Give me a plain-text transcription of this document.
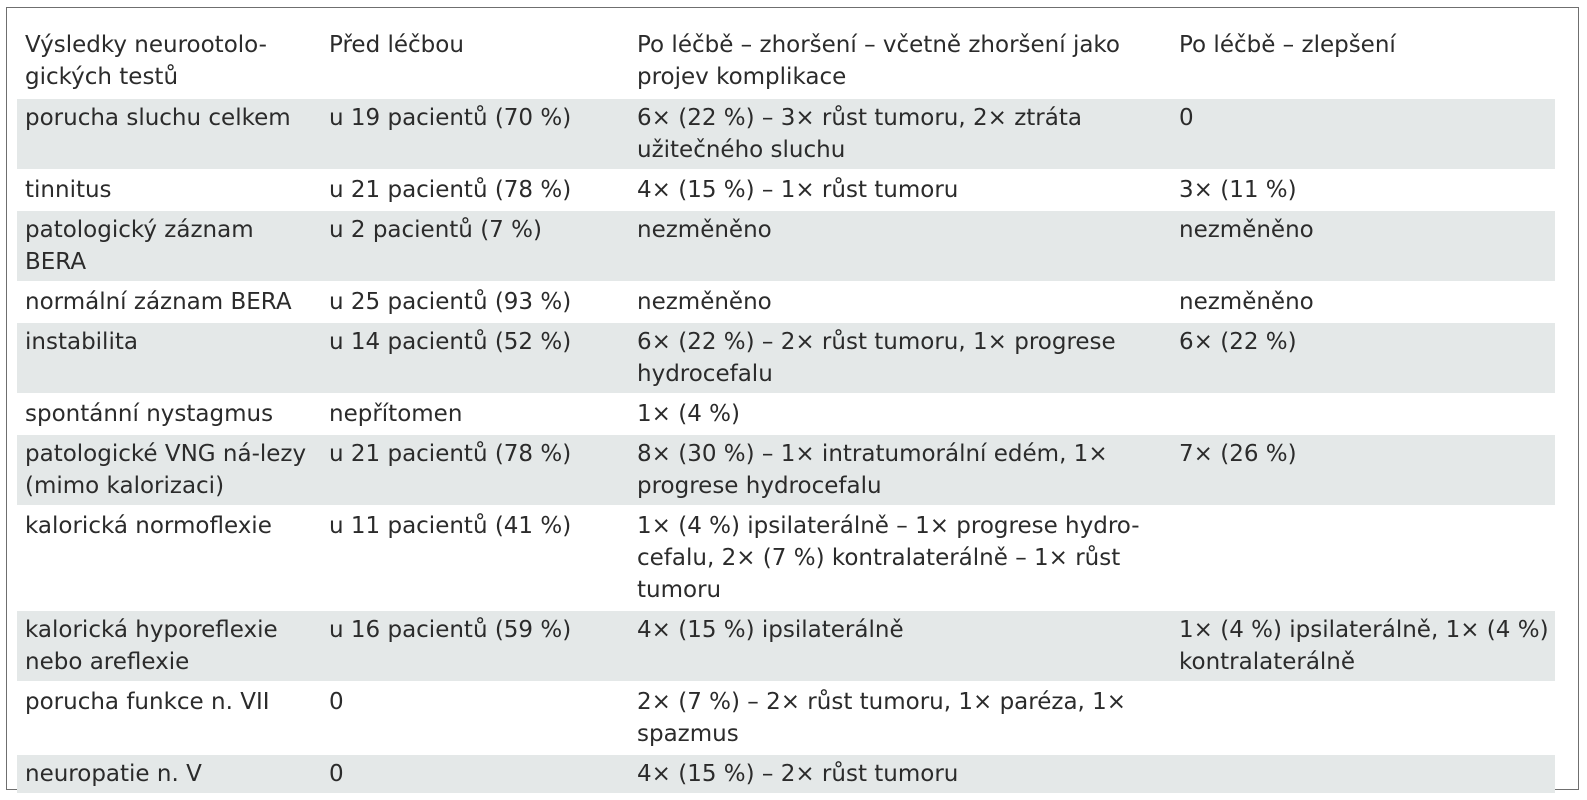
Výsledky neurootolo-gických testů	Před léčbou	Po léčbě – zhoršení – včetně zhoršení jako projev komplikace	Po léčbě – zlepšení
porucha sluchu celkem	u 19 pacientů (70 %)	6× (22 %) – 3× růst tumoru, 2× ztráta užitečného sluchu	0
tinnitus	u 21 pacientů (78 %)	4× (15 %) – 1× růst tumoru	3× (11 %)
patologický záznam BERA	u 2 pacientů (7 %)	nezměněno	nezměněno
normální záznam BERA	u 25 pacientů (93 %)	nezměněno	nezměněno
instabilita	u 14 pacientů (52 %)	6× (22 %) – 2× růst tumoru, 1× progrese hydrocefalu	6× (22 %)
spontánní nystagmus	nepřítomen	1× (4 %)	
patologické VNG ná-lezy (mimo kalorizaci)	u 21 pacientů (78 %)	8× (30 %) – 1× intratumorální edém, 1× progrese hydrocefalu	7× (26 %)
kalorická normoflexie	u 11 pacientů (41 %)	1× (4 %) ipsilaterálně – 1× progrese hydro-cefalu, 2× (7 %) kontralaterálně – 1× růst tumoru	
kalorická hyporeflexie nebo areflexie	u 16 pacientů (59 %)	4× (15 %) ipsilaterálně	1× (4 %) ipsilaterálně, 1× (4 %) kontralaterálně
porucha funkce n. VII	0	2× (7 %) – 2× růst tumoru, 1× paréza, 1× spazmus	
neuropatie n. V	0	4× (15 %) – 2× růst tumoru	
